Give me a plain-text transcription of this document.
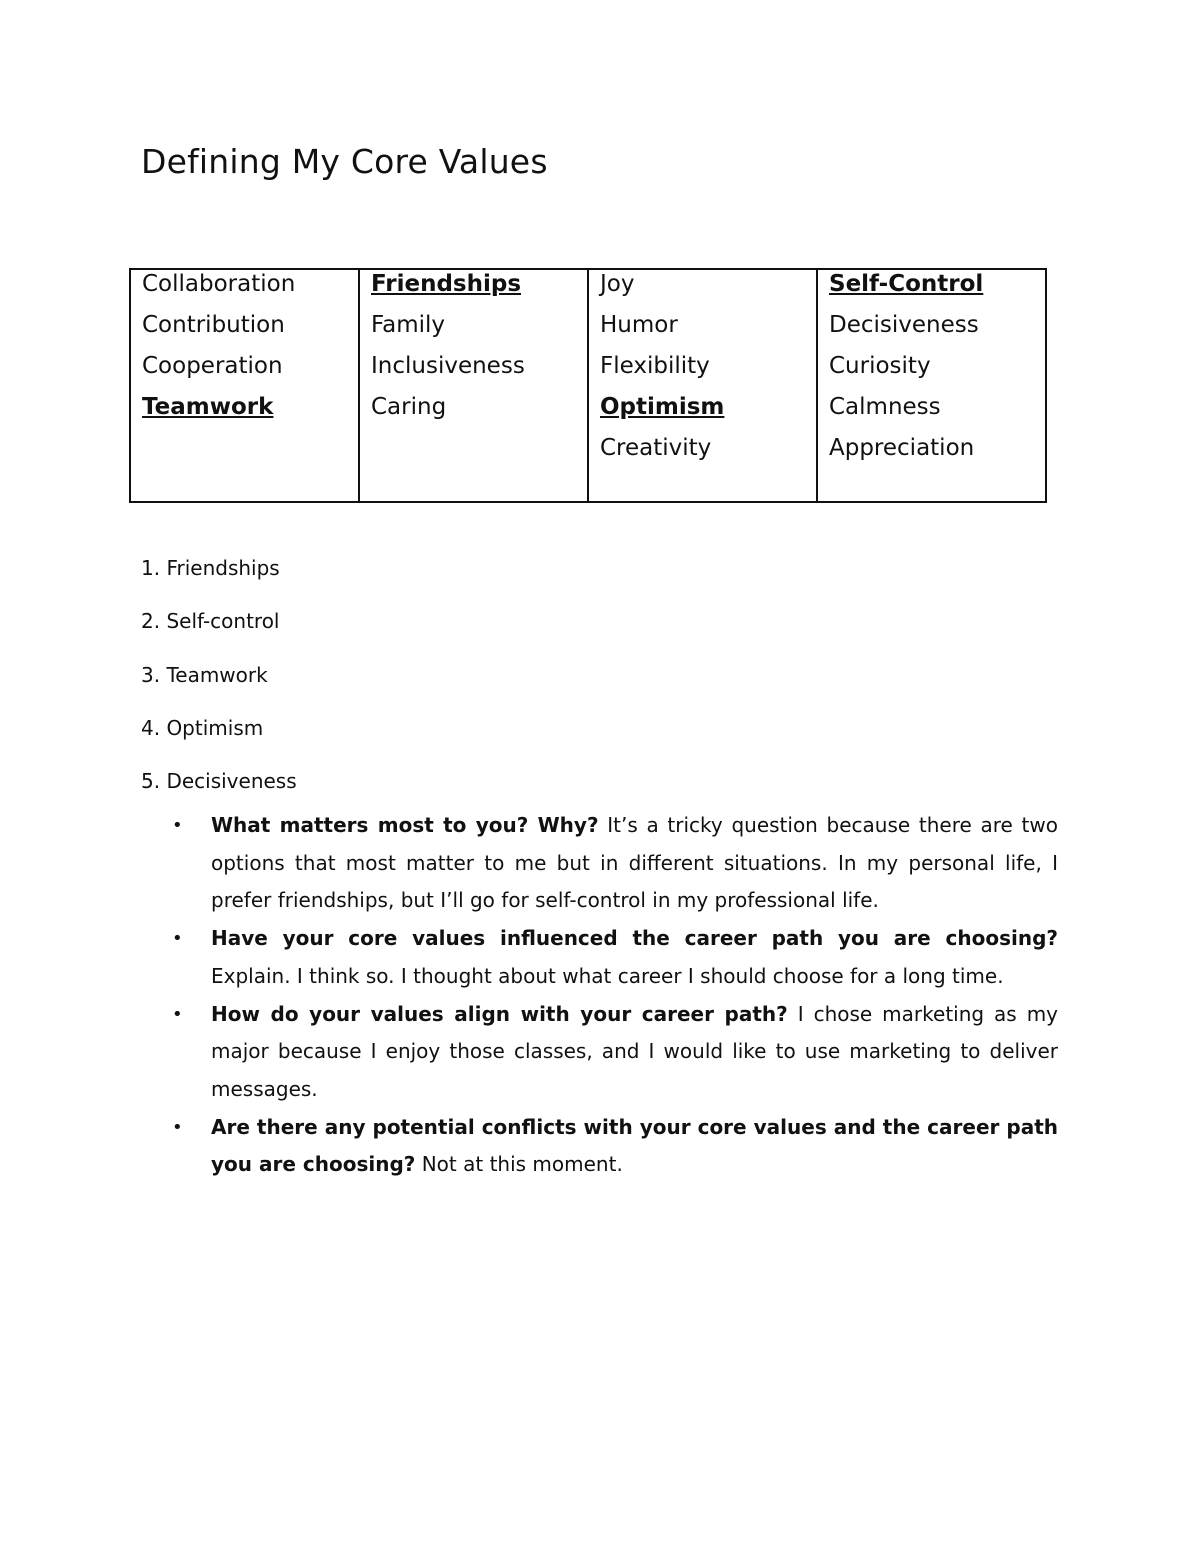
Defining My Core Values
Collaboration
Contribution
Cooperation
Teamwork
Friendships
Family
Inclusiveness
Caring
Joy
Humor
Flexibility
Optimism
Creativity
Self-Control
Decisiveness
Curiosity
Calmness
Appreciation
1. Friendships
2. Self-control
3. Teamwork
4. Optimism
5. Decisiveness
• What matters most to you? Why? It’s a tricky question because there are two options that most matter to me but in different situations. In my personal life, I prefer friendships, but I’ll go for self-control in my professional life.
• Have your core values influenced the career path you are choosing? Explain. I think so. I thought about what career I should choose for a long time.
• How do your values align with your career path? I chose marketing as my major because I enjoy those classes, and I would like to use marketing to deliver messages.
• Are there any potential conflicts with your core values and the career path you are choosing? Not at this moment.
